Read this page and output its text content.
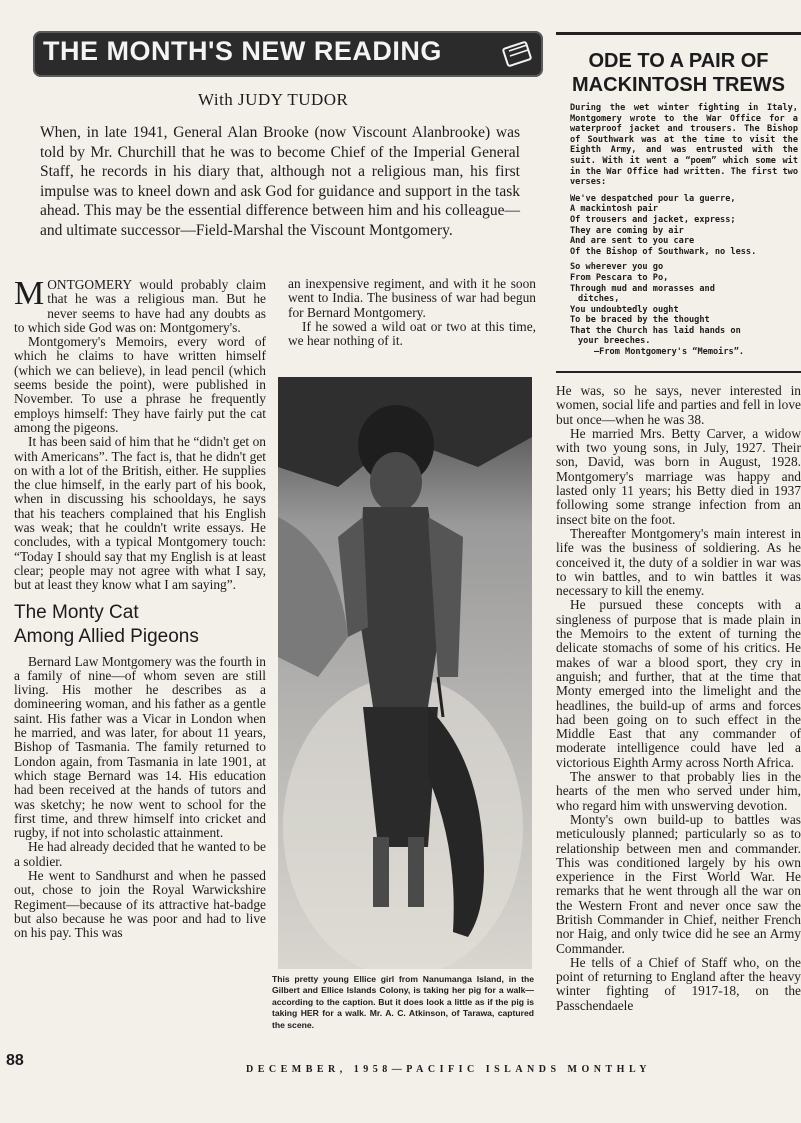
THE MONTH'S NEW READING
With JUDY TUDOR
When, in late 1941, General Alan Brooke (now Viscount Alanbrooke) was told by Mr. Churchill that he was to become Chief of the Imperial General Staff, he records in his diary that, although not a religious man, his first impulse was to kneel down and ask God for guidance and support in the task ahead. This may be the essential difference between him and his colleague—and ultimate successor—Field-Marshal the Viscount Montgomery.

MONTGOMERY would probably claim that he was a religious man. But he never seems to have had any doubts as to which side God was on: Montgomery's.

Montgomery's Memoirs, every word of which he claims to have written himself (which we can believe), in lead pencil (which seems beside the point), were published in November. To use a phrase he frequently employs himself: They have fairly put the cat among the pigeons.

It has been said of him that he “didn't get on with Americans”. The fact is, that he didn't get on with a lot of the British, either. He supplies the clue himself, in the early part of his book, when in discussing his schooldays, he says that his teachers complained that his English was weak; that he couldn't write essays. He concludes, with a typical Montgomery touch: “Today I should say that my English is at least clear; people may not agree with what I say, but at least they know what I am saying”.

The Monty Cat
Among Allied Pigeons

Bernard Law Montgomery was the fourth in a family of nine—of whom seven are still living. His mother he describes as a domineering woman, and his father as a gentle saint. His father was a Vicar in London when he married, and was later, for about 11 years, Bishop of Tasmania. The family returned to London again, from Tasmania in late 1901, at which stage Bernard was 14. His education had been received at the hands of tutors and was sketchy; he now went to school for the first time, and threw himself into cricket and rugby, if not into scholastic attainment.

He had already decided that he wanted to be a soldier.

He went to Sandhurst and when he passed out, chose to join the Royal Warwickshire Regiment—because of its attractive hat-badge but also because he was poor and had to live on his pay. This was

an inexpensive regiment, and with it he soon went to India. The business of war had begun for Bernard Montgomery.

If he sowed a wild oat or two at this time, we hear nothing of it.

This pretty young Ellice girl from Nanumanga Island, in the Gilbert and Ellice Islands Colony, is taking her pig for a walk—according to the caption. But it does look a little as if the pig is taking HER for a walk. Mr. A. C. Atkinson, of Tarawa, captured the scene.
ODE TO A PAIR OF
MACKINTOSH TREWS
During the wet winter fighting in Italy, Montgomery wrote to the War Office for a waterproof jacket and trousers. The Bishop of Southwark was at the time to visit the Eighth Army, and was entrusted with the suit. With it went a “poem” which some wit in the War Office had written. The first two verses:
We've despatched pour la guerre,
A mackintosh pair
Of trousers and jacket, express;
They are coming by air
And are sent to you care
Of the Bishop of Southwark, no less.
So wherever you go
From Pescara to Po,
Through mud and morasses and
ditches,
You undoubtedly ought
To be braced by the thought
That the Church has laid hands on
your breeches.
—From Montgomery's “Memoirs”.

He was, so he says, never interested in women, social life and parties and fell in love but once—when he was 38.

He married Mrs. Betty Carver, a widow with two young sons, in July, 1927. Their son, David, was born in August, 1928. Montgomery's marriage was happy and lasted only 11 years; his Betty died in 1937 following some strange infection from an insect bite on the foot.

Thereafter Montgomery's main interest in life was the business of soldiering. As he conceived it, the duty of a soldier in war was to win battles, and to win battles it was necessary to kill the enemy.

He pursued these concepts with a singleness of purpose that is made plain in the Memoirs to the extent of turning the delicate stomachs of some of his critics. He makes of war a blood sport, they cry in anguish; and further, that at the time that Monty emerged into the limelight and the headlines, the build-up of arms and forces had been going on to such effect in the Middle East that any commander of moderate intelligence could have led a victorious Eighth Army across North Africa.

The answer to that probably lies in the hearts of the men who served under him, who regard him with unswerving devotion.

Monty's own build-up to battles was meticulously planned; particularly so as to relationship between men and commander. This was conditioned largely by his own experience in the First World War. He remarks that he went through all the war on the Western Front and never once saw the British Commander in Chief, neither French nor Haig, and only twice did he see an Army Commander.

He tells of a Chief of Staff who, on the point of returning to England after the heavy winter fighting of 1917-18, on the Passchendaele

88
DECEMBER, 1958—PACIFIC ISLANDS MONTHLY
